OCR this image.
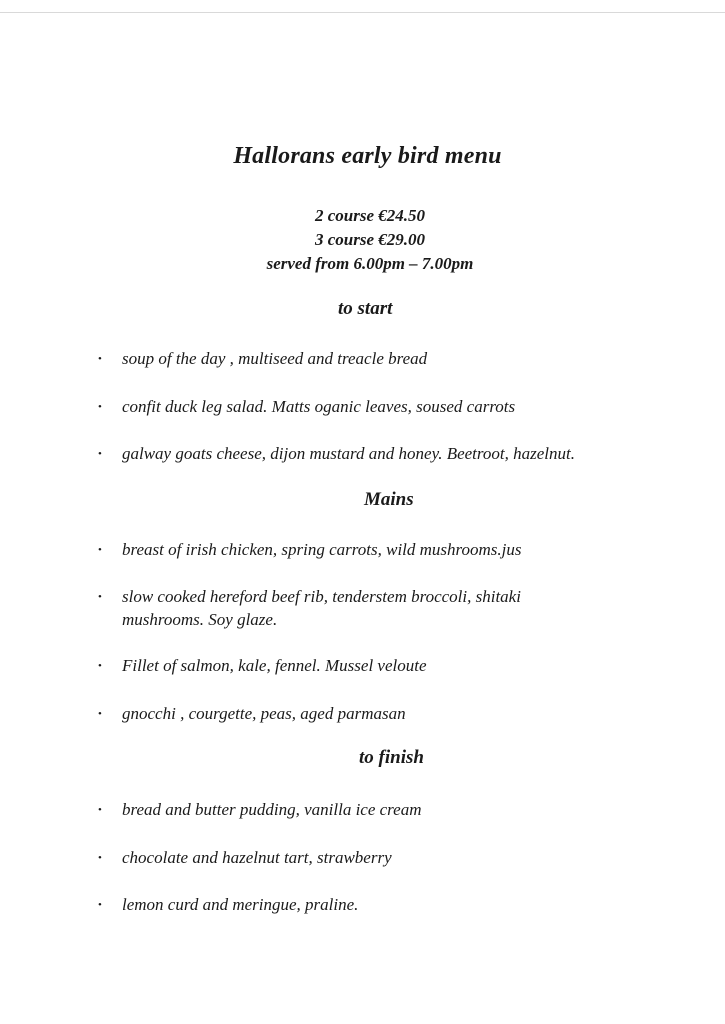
Hallorans early bird menu
2 course €24.50
3 course €29.00
served from 6.00pm – 7.00pm
to start
• soup of the day , multiseed and treacle bread
• confit duck leg salad. Matts oganic leaves, soused carrots
• galway goats cheese, dijon mustard and honey. Beetroot, hazelnut.
Mains
• breast of irish chicken, spring carrots, wild mushrooms.jus
• slow cooked hereford beef rib, tenderstem broccoli, shitaki
mushrooms. Soy glaze.
• Fillet of salmon, kale, fennel. Mussel veloute
• gnocchi , courgette, peas, aged parmasan
to finish
• bread and butter pudding, vanilla ice cream
• chocolate and hazelnut tart, strawberry
• lemon curd and meringue, praline.
